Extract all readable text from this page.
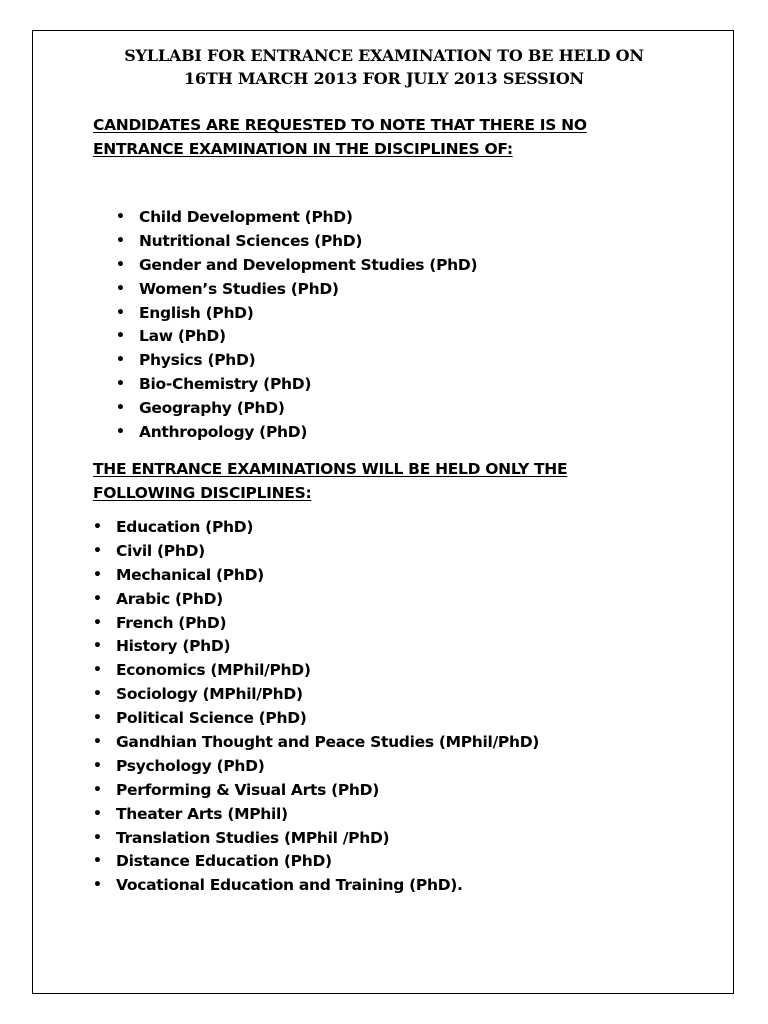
SYLLABI FOR ENTRANCE EXAMINATION TO BE HELD ON
16TH MARCH 2013 FOR JULY 2013 SESSION
CANDIDATES ARE REQUESTED TO NOTE THAT THERE IS NO
ENTRANCE EXAMINATION IN THE DISCIPLINES OF:
• Child Development (PhD)
• Nutritional Sciences (PhD)
• Gender and Development Studies (PhD)
• Women’s Studies (PhD)
• English (PhD)
• Law (PhD)
• Physics (PhD)
• Bio-Chemistry (PhD)
• Geography (PhD)
• Anthropology (PhD)
THE ENTRANCE EXAMINATIONS WILL BE HELD ONLY THE
FOLLOWING DISCIPLINES:
• Education (PhD)
• Civil (PhD)
• Mechanical (PhD)
• Arabic (PhD)
• French (PhD)
• History (PhD)
• Economics (MPhil/PhD)
• Sociology (MPhil/PhD)
• Political Science (PhD)
• Gandhian Thought and Peace Studies (MPhil/PhD)
• Psychology (PhD)
• Performing & Visual Arts (PhD)
• Theater Arts (MPhil)
• Translation Studies (MPhil /PhD)
• Distance Education (PhD)
• Vocational Education and Training (PhD).
